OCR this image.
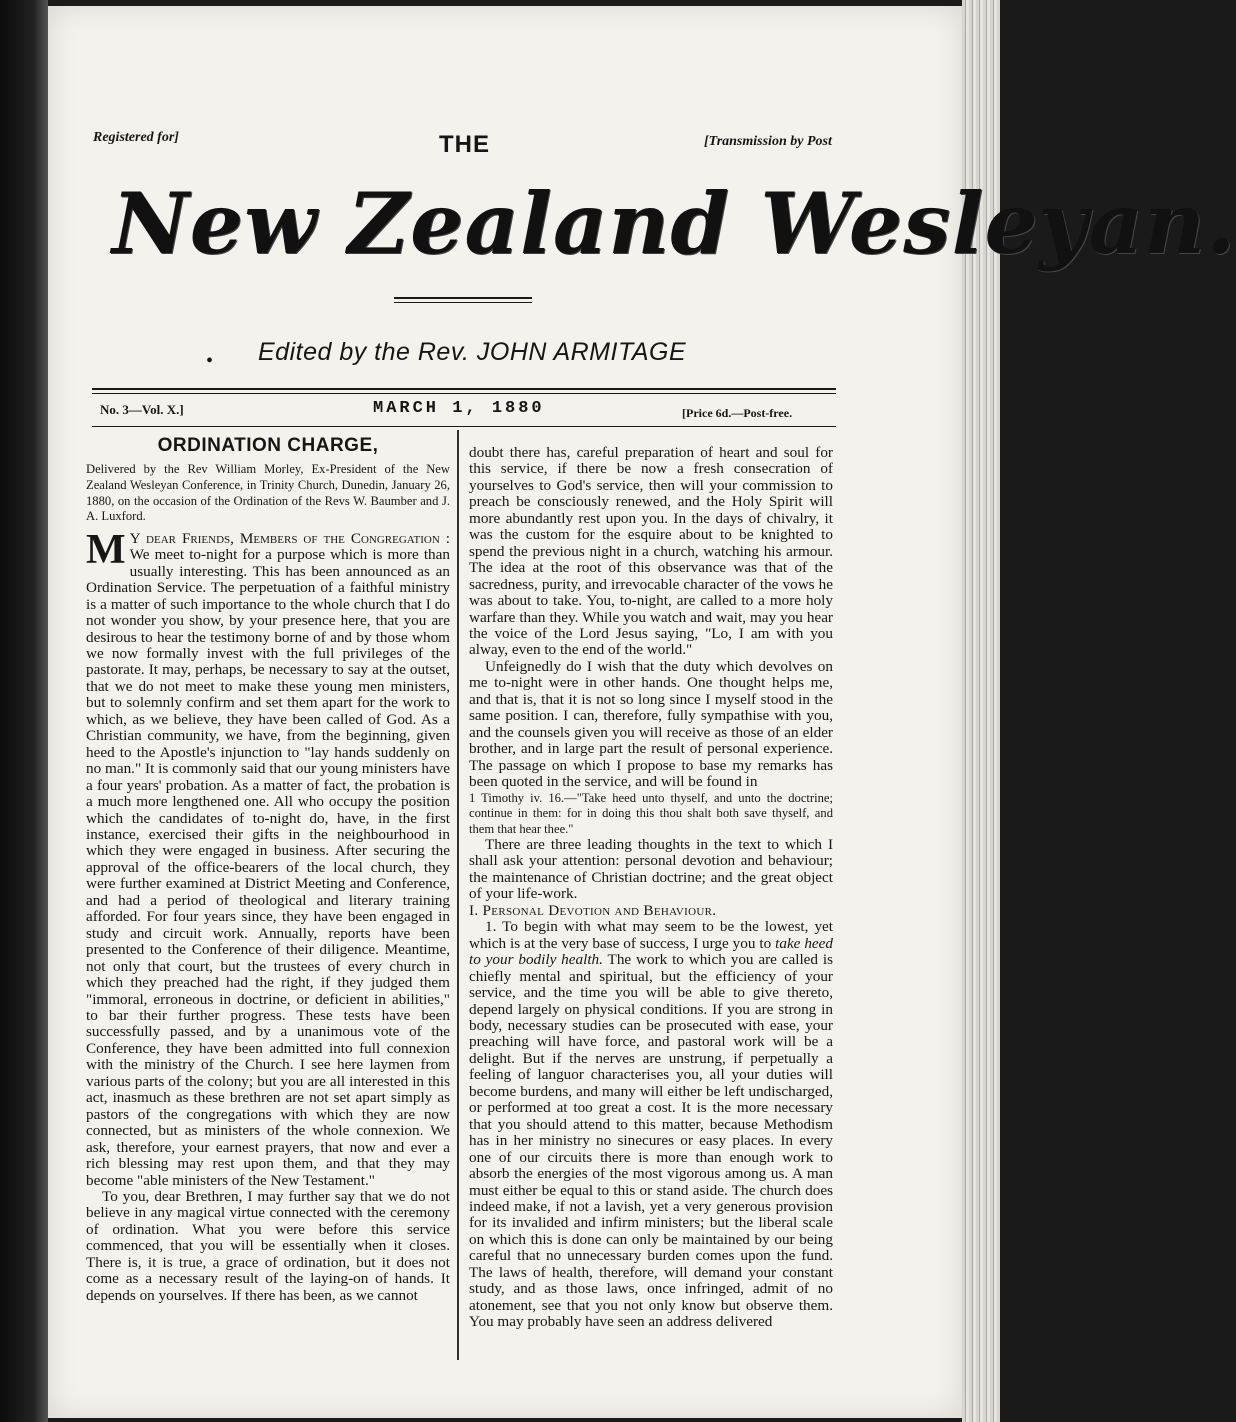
Registered for]	THE	[Transmission by Post
New Zealand Wesleyan.
• Edited by the Rev. JOHN ARMITAGE
No. 3—Vol. X.]	MARCH 1, 1880	[Price 6d.—Post-free.
ORDINATION CHARGE,

Delivered by the Rev William Morley, Ex-President of the New Zealand Wesleyan Conference, in Trinity Church, Dunedin, January 26, 1880, on the occasion of the Ordination of the Revs W. Baumber and J. A. Luxford.

M Y dear Friends, Members of the Congregation : We meet to-night for a purpose which is more than usually interesting. This has been announced as an Ordination Service. The perpetuation of a faithful ministry is a matter of such importance to the whole church that I do not wonder you show, by your presence here, that you are desirous to hear the testimony borne of and by those whom we now formally invest with the full privileges of the pastorate. It may, perhaps, be necessary to say at the outset, that we do not meet to make these young men ministers, but to solemnly confirm and set them apart for the work to which, as we believe, they have been called of God. As a Christian community, we have, from the beginning, given heed to the Apostle's injunction to "lay hands suddenly on no man." It is commonly said that our young ministers have a four years' probation. As a matter of fact, the probation is a much more lengthened one. All who occupy the position which the candidates of to-night do, have, in the first instance, exercised their gifts in the neighbourhood in which they were engaged in business. After securing the approval of the office-bearers of the local church, they were further examined at District Meeting and Conference, and had a period of theological and literary training afforded. For four years since, they have been engaged in study and circuit work. Annually, reports have been presented to the Conference of their diligence. Meantime, not only that court, but the trustees of every church in which they preached had the right, if they judged them "immoral, erroneous in doctrine, or deficient in abilities," to bar their further progress. These tests have been successfully passed, and by a unanimous vote of the Conference, they have been admitted into full connexion with the ministry of the Church. I see here laymen from various parts of the colony; but you are all interested in this act, inasmuch as these brethren are not set apart simply as pastors of the congregations with which they are now connected, but as ministers of the whole connexion. We ask, therefore, your earnest prayers, that now and ever a rich blessing may rest upon them, and that they may become "able ministers of the New Testament."

To you, dear Brethren, I may further say that we do not believe in any magical virtue connected with the ceremony of ordination. What you were before this service commenced, that you will be essentially when it closes. There is, it is true, a grace of ordination, but it does not come as a necessary result of the laying-on of hands. It depends on yourselves. If there has been, as we cannot

doubt there has, careful preparation of heart and soul for this service, if there be now a fresh consecration of yourselves to God's service, then will your commission to preach be consciously renewed, and the Holy Spirit will more abundantly rest upon you. In the days of chivalry, it was the custom for the esquire about to be knighted to spend the previous night in a church, watching his armour. The idea at the root of this observance was that of the sacredness, purity, and irrevocable character of the vows he was about to take. You, to-night, are called to a more holy warfare than they. While you watch and wait, may you hear the voice of the Lord Jesus saying, "Lo, I am with you alway, even to the end of the world."

Unfeignedly do I wish that the duty which devolves on me to-night were in other hands. One thought helps me, and that is, that it is not so long since I myself stood in the same position. I can, therefore, fully sympathise with you, and the counsels given you will receive as those of an elder brother, and in large part the result of personal experience. The passage on which I propose to base my remarks has been quoted in the service, and will be found in

1 Timothy iv. 16.—"Take heed unto thyself, and unto the doctrine; continue in them: for in doing this thou shalt both save thyself, and them that hear thee."

There are three leading thoughts in the text to which I shall ask your attention: personal devotion and behaviour; the maintenance of Christian doctrine; and the great object of your life-work.

I. Personal Devotion and Behaviour.

1. To begin with what may seem to be the lowest, yet which is at the very base of success, I urge you to take heed to your bodily health. The work to which you are called is chiefly mental and spiritual, but the efficiency of your service, and the time you will be able to give thereto, depend largely on physical conditions. If you are strong in body, necessary studies can be prosecuted with ease, your preaching will have force, and pastoral work will be a delight. But if the nerves are unstrung, if perpetually a feeling of languor characterises you, all your duties will become burdens, and many will either be left undischarged, or performed at too great a cost. It is the more necessary that you should attend to this matter, because Methodism has in her ministry no sinecures or easy places. In every one of our circuits there is more than enough work to absorb the energies of the most vigorous among us. A man must either be equal to this or stand aside. The church does indeed make, if not a lavish, yet a very generous provision for its invalided and infirm ministers; but the liberal scale on which this is done can only be maintained by our being careful that no unnecessary burden comes upon the fund. The laws of health, therefore, will demand your constant study, and as those laws, once infringed, admit of no atonement, see that you not only know but observe them. You may probably have seen an address delivered
